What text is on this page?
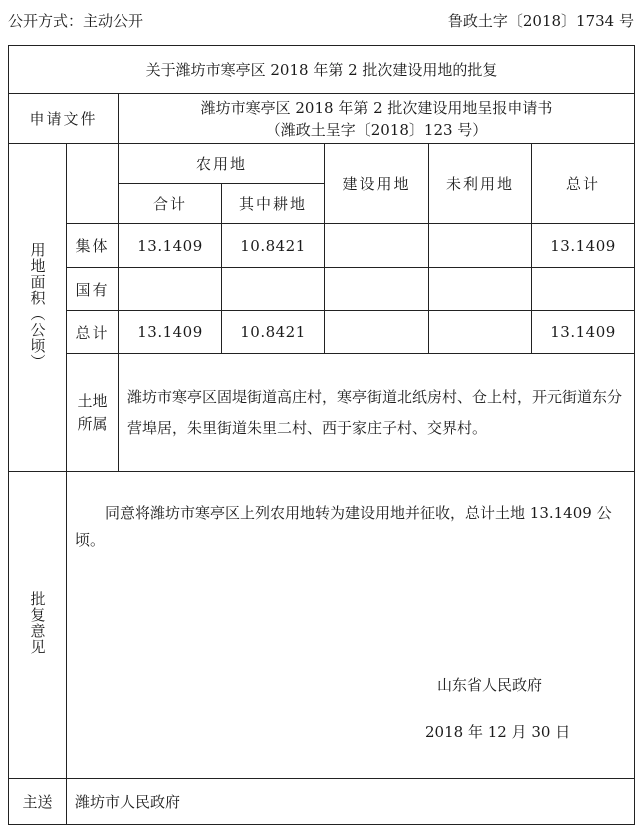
公开方式：主动公开	鲁政土字〔2018〕1734 号
关于潍坊市寒亭区 2018 年第 2 批次建设用地的批复						
申请文件		潍坊市寒亭区 2018 年第 2 批次建设用地呈报申请书
（潍政土呈字〔2018〕123 号）				

用地面积（公顷）		农用地		建设用地	未利用地	总计
		合计	其中耕地			
	集体	13.1409	10.8421			13.1409
	国有					
	总计	13.1409	10.8421			13.1409
	土地所属	潍坊市寒亭区固堤街道高庄村，寒亭街道北纸房村、仓上村，开元街道东分营埠居，朱里街道朱里二村、西于家庄子村、交界村。				
批复意见	同意将潍坊市寒亭区上列农用地转为建设用地并征收，总计土地 13.1409 公顷。
山东省人民政府
2018 年 12 月 30 日					

主送	潍坊市人民政府					
